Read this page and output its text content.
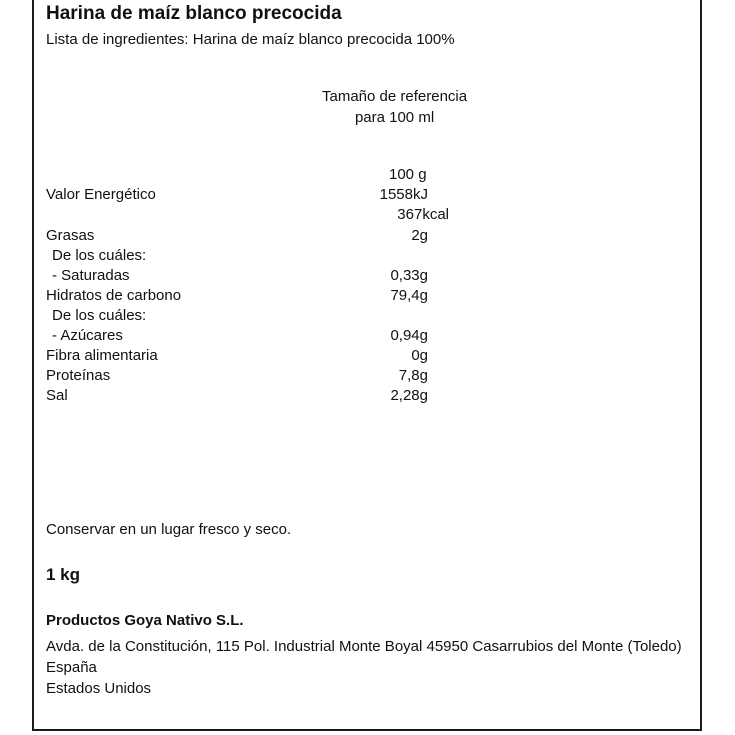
Harina de maíz blanco precocida
Lista de ingredientes: Harina de maíz blanco precocida 100%
Tamaño de referencia
para 100 ml
100 g
Valor Energético	1558kJ
367kcal
Grasas	2g
De los cuáles:
- Saturadas	0,33g
Hidratos de carbono	79,4g
De los cuáles:
- Azúcares	0,94g
Fibra alimentaria	0g
Proteínas	7,8g
Sal	2,28g
Conservar en un lugar fresco y seco.
1 kg
Productos Goya Nativo S.L.
Avda. de la Constitución, 115 Pol. Industrial Monte Boyal 45950 Casarrubios del Monte (Toledo) España
Estados Unidos
